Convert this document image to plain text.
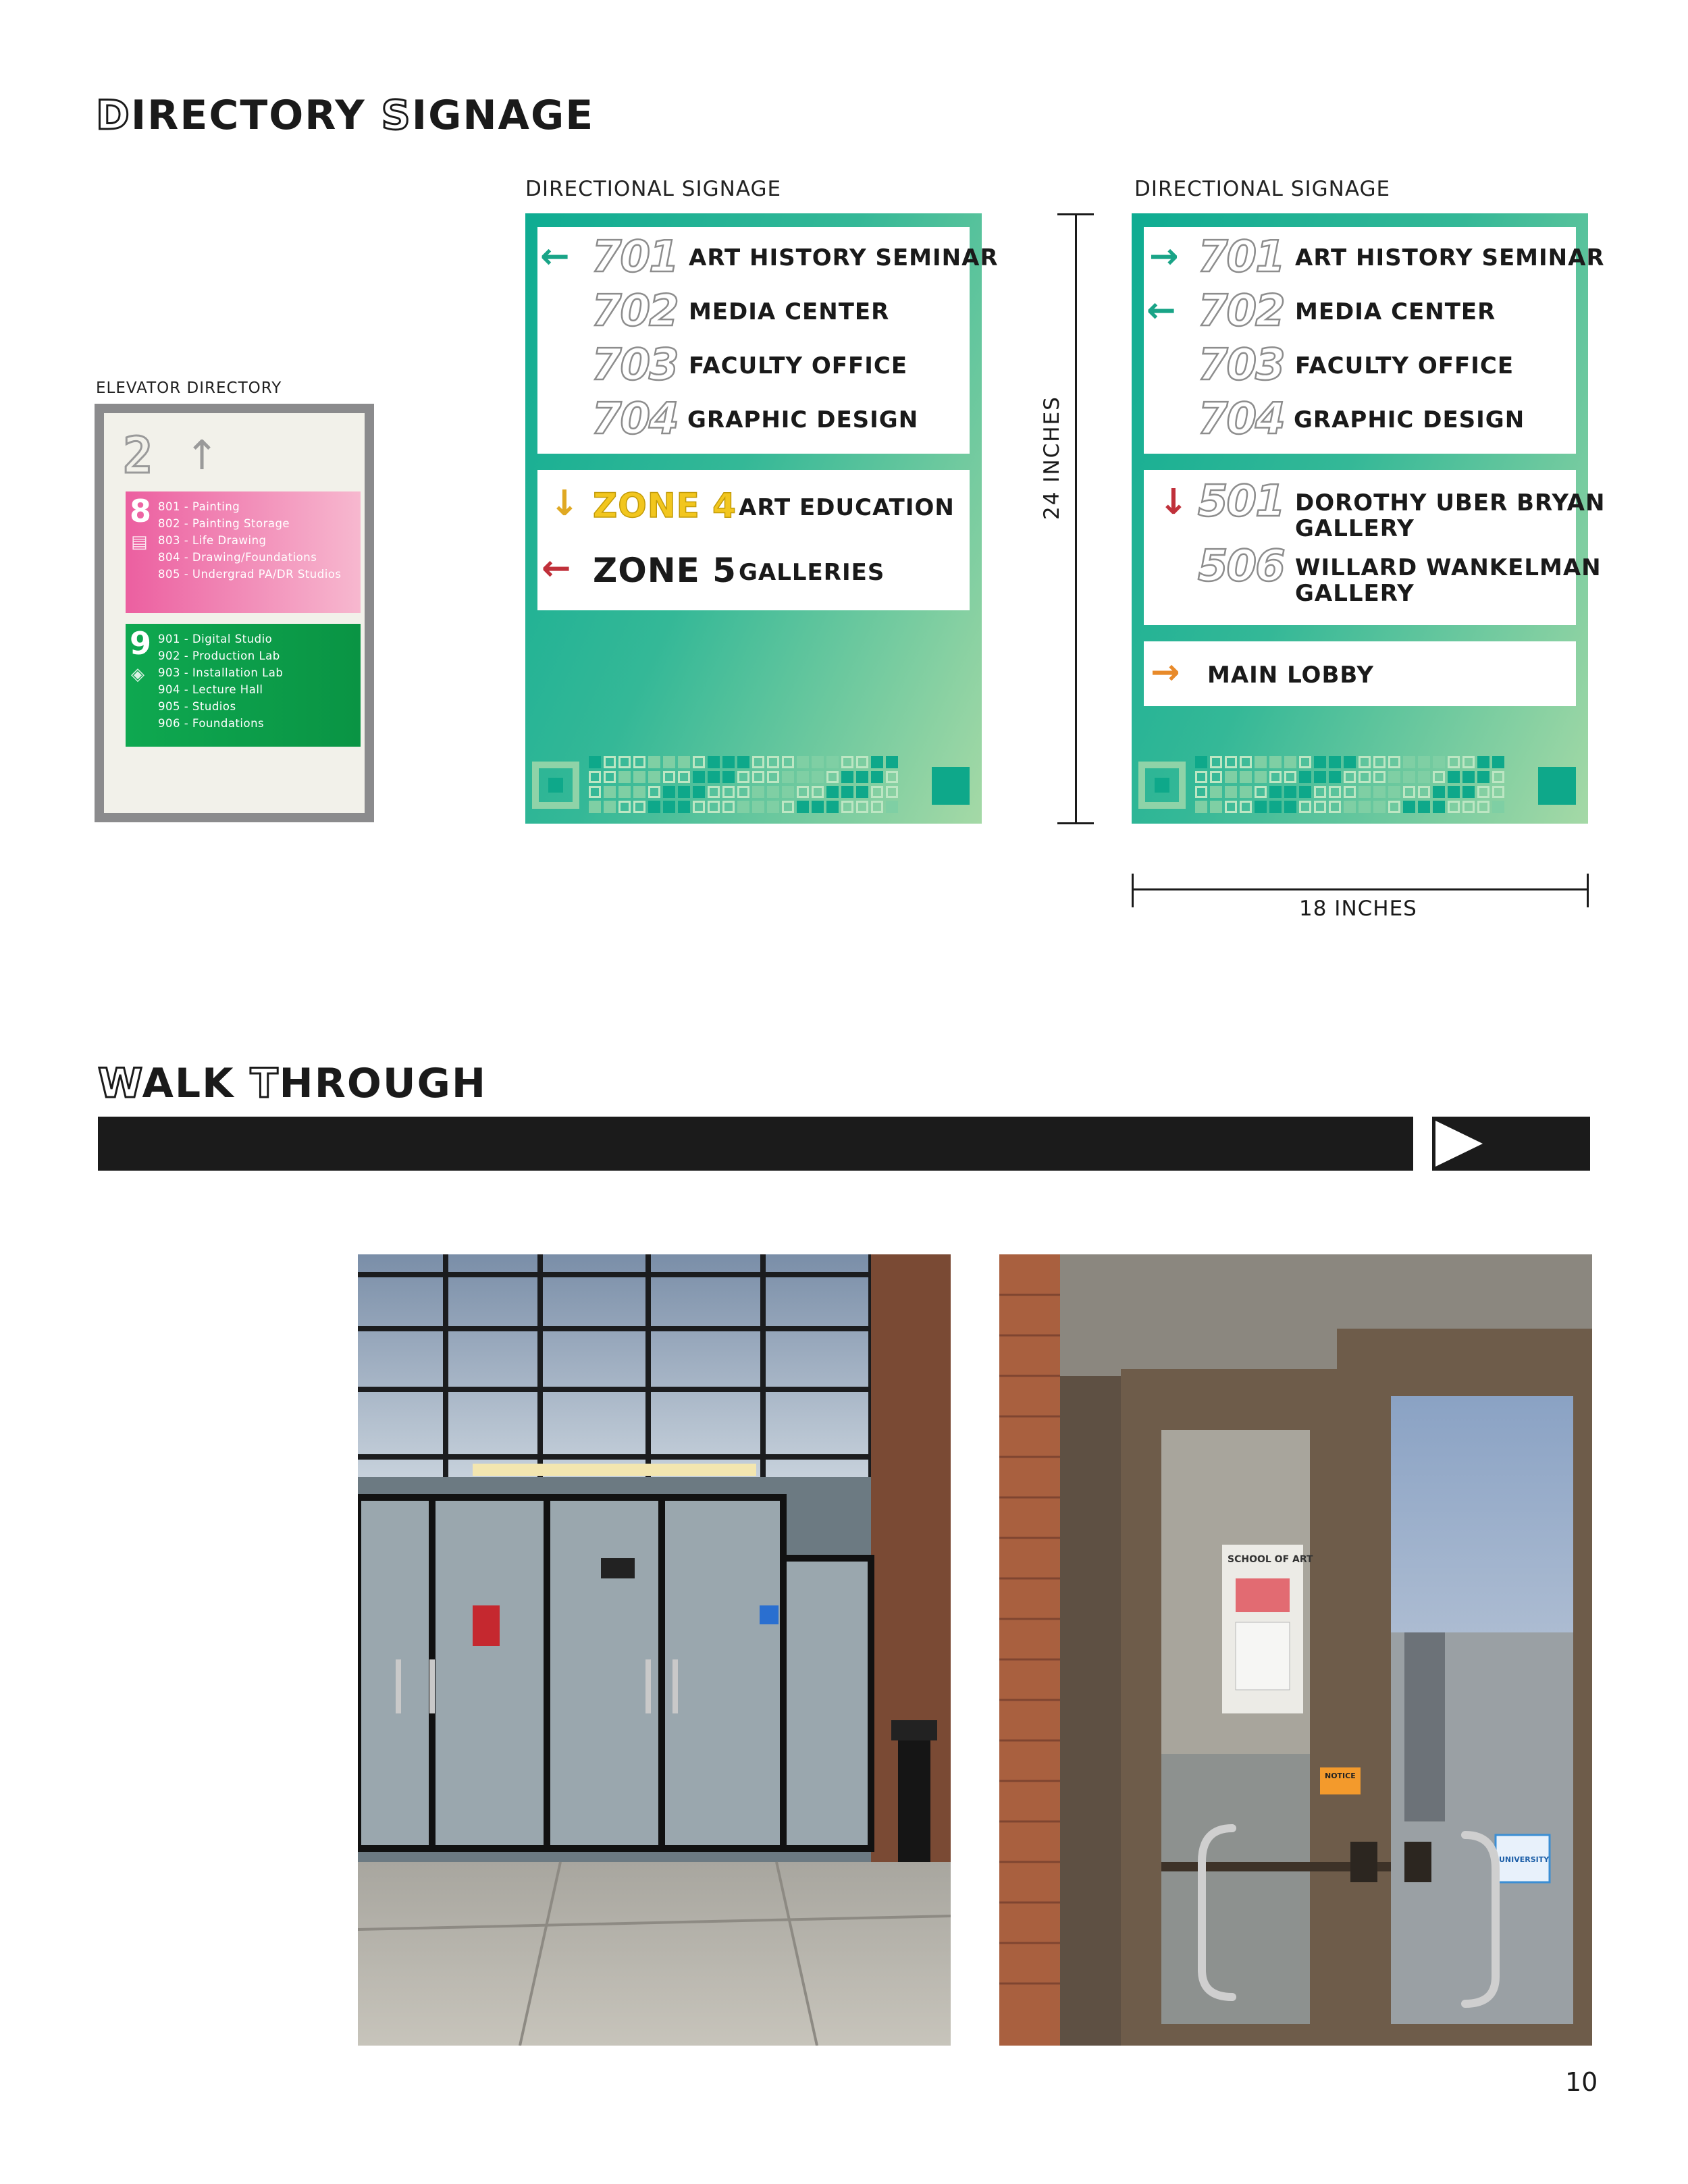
DIRECTORY SIGNAGE
ELEVATOR DIRECTORY
2 ↑
8
▤
801 - Painting
802 - Painting Storage
803 - Life Drawing
804 - Drawing/Foundations
805 - Undergrad PA/DR Studios
9
◈
901 - Digital Studio
902 - Production Lab
903 - Installation Lab
904 - Lecture Hall
905 - Studios
906 - Foundations
DIRECTIONAL SIGNAGE
← 701 ART HISTORY SEMINAR
702 MEDIA CENTER
703 FACULTY OFFICE
704 GRAPHIC DESIGN
↓ ZONE 4 ART EDUCATION
← ZONE 5 GALLERIES
24 INCHES
DIRECTIONAL SIGNAGE
→ 701 ART HISTORY SEMINAR
← 702 MEDIA CENTER
703 FACULTY OFFICE
704 GRAPHIC DESIGN
↓ 501 DOROTHY UBER BRYAN
GALLERY
506 WILLARD WANKELMAN
GALLERY
→ MAIN LOBBY
18 INCHES
WALK THROUGH
SCHOOL OF ART
NOTICE
UNIVERSITY
10
